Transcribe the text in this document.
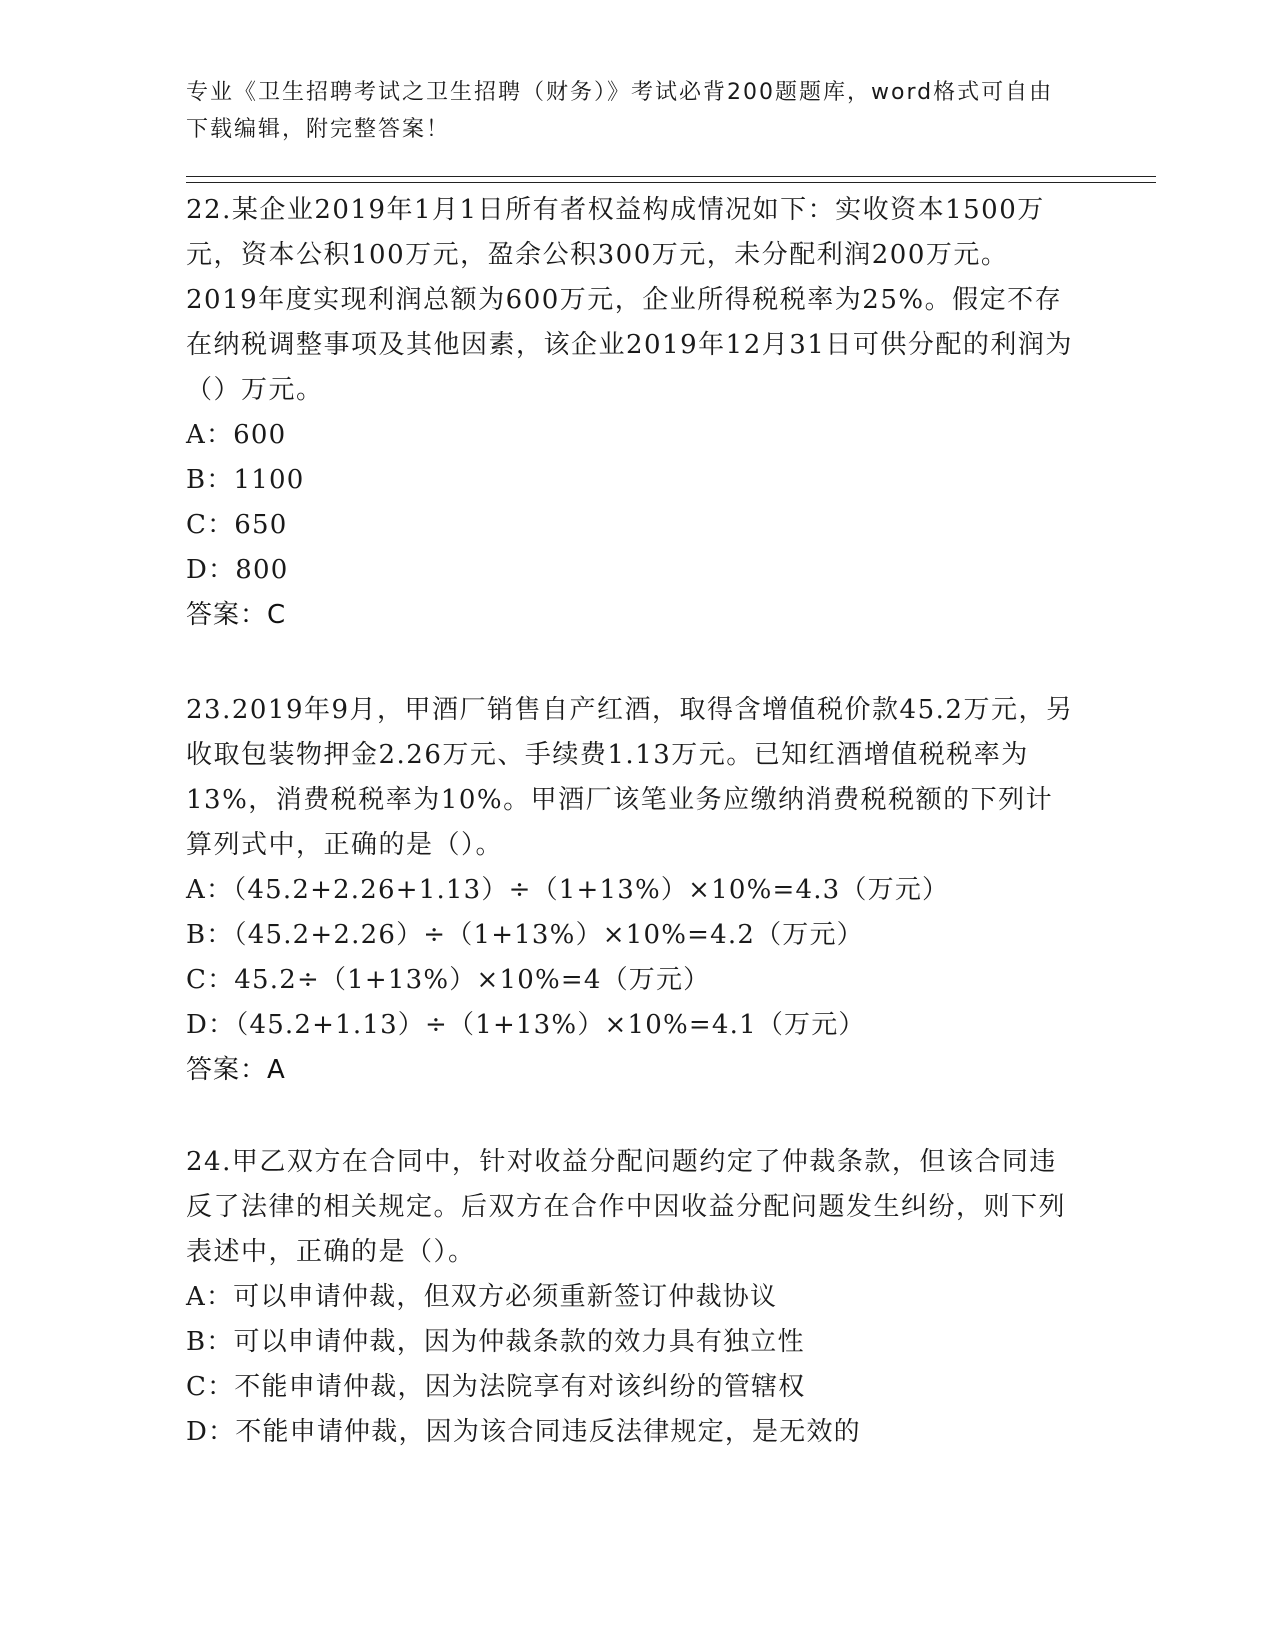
专业《卫生招聘考试之卫生招聘（财务）》考试必背200题题库，word格式可自由下载编辑，附完整答案！

22.某企业2019年1月1日所有者权益构成情况如下：实收资本1500万元，资本公积100万元，盈余公积300万元，未分配利润200万元。2019年度实现利润总额为600万元，企业所得税税率为25%。假定不存在纳税调整事项及其他因素，该企业2019年12月31日可供分配的利润为（）万元。

A：600

B：1100

C：650

D：800

答案：C

23.2019年9月，甲酒厂销售自产红酒，取得含增值税价款45.2万元，另收取包装物押金2.26万元、手续费1.13万元。已知红酒增值税税率为13%，消费税税率为10%。甲酒厂该笔业务应缴纳消费税税额的下列计算列式中，正确的是（）。

A：（45.2+2.26+1.13）÷（1+13%）×10%=4.3（万元）

B：（45.2+2.26）÷（1+13%）×10%=4.2（万元）

C：45.2÷（1+13%）×10%=4（万元）

D：（45.2+1.13）÷（1+13%）×10%=4.1（万元）

答案：A

24.甲乙双方在合同中，针对收益分配问题约定了仲裁条款，但该合同违反了法律的相关规定。后双方在合作中因收益分配问题发生纠纷，则下列表述中，正确的是（）。

A：可以申请仲裁，但双方必须重新签订仲裁协议

B：可以申请仲裁，因为仲裁条款的效力具有独立性

C：不能申请仲裁，因为法院享有对该纠纷的管辖权

D：不能申请仲裁，因为该合同违反法律规定，是无效的
